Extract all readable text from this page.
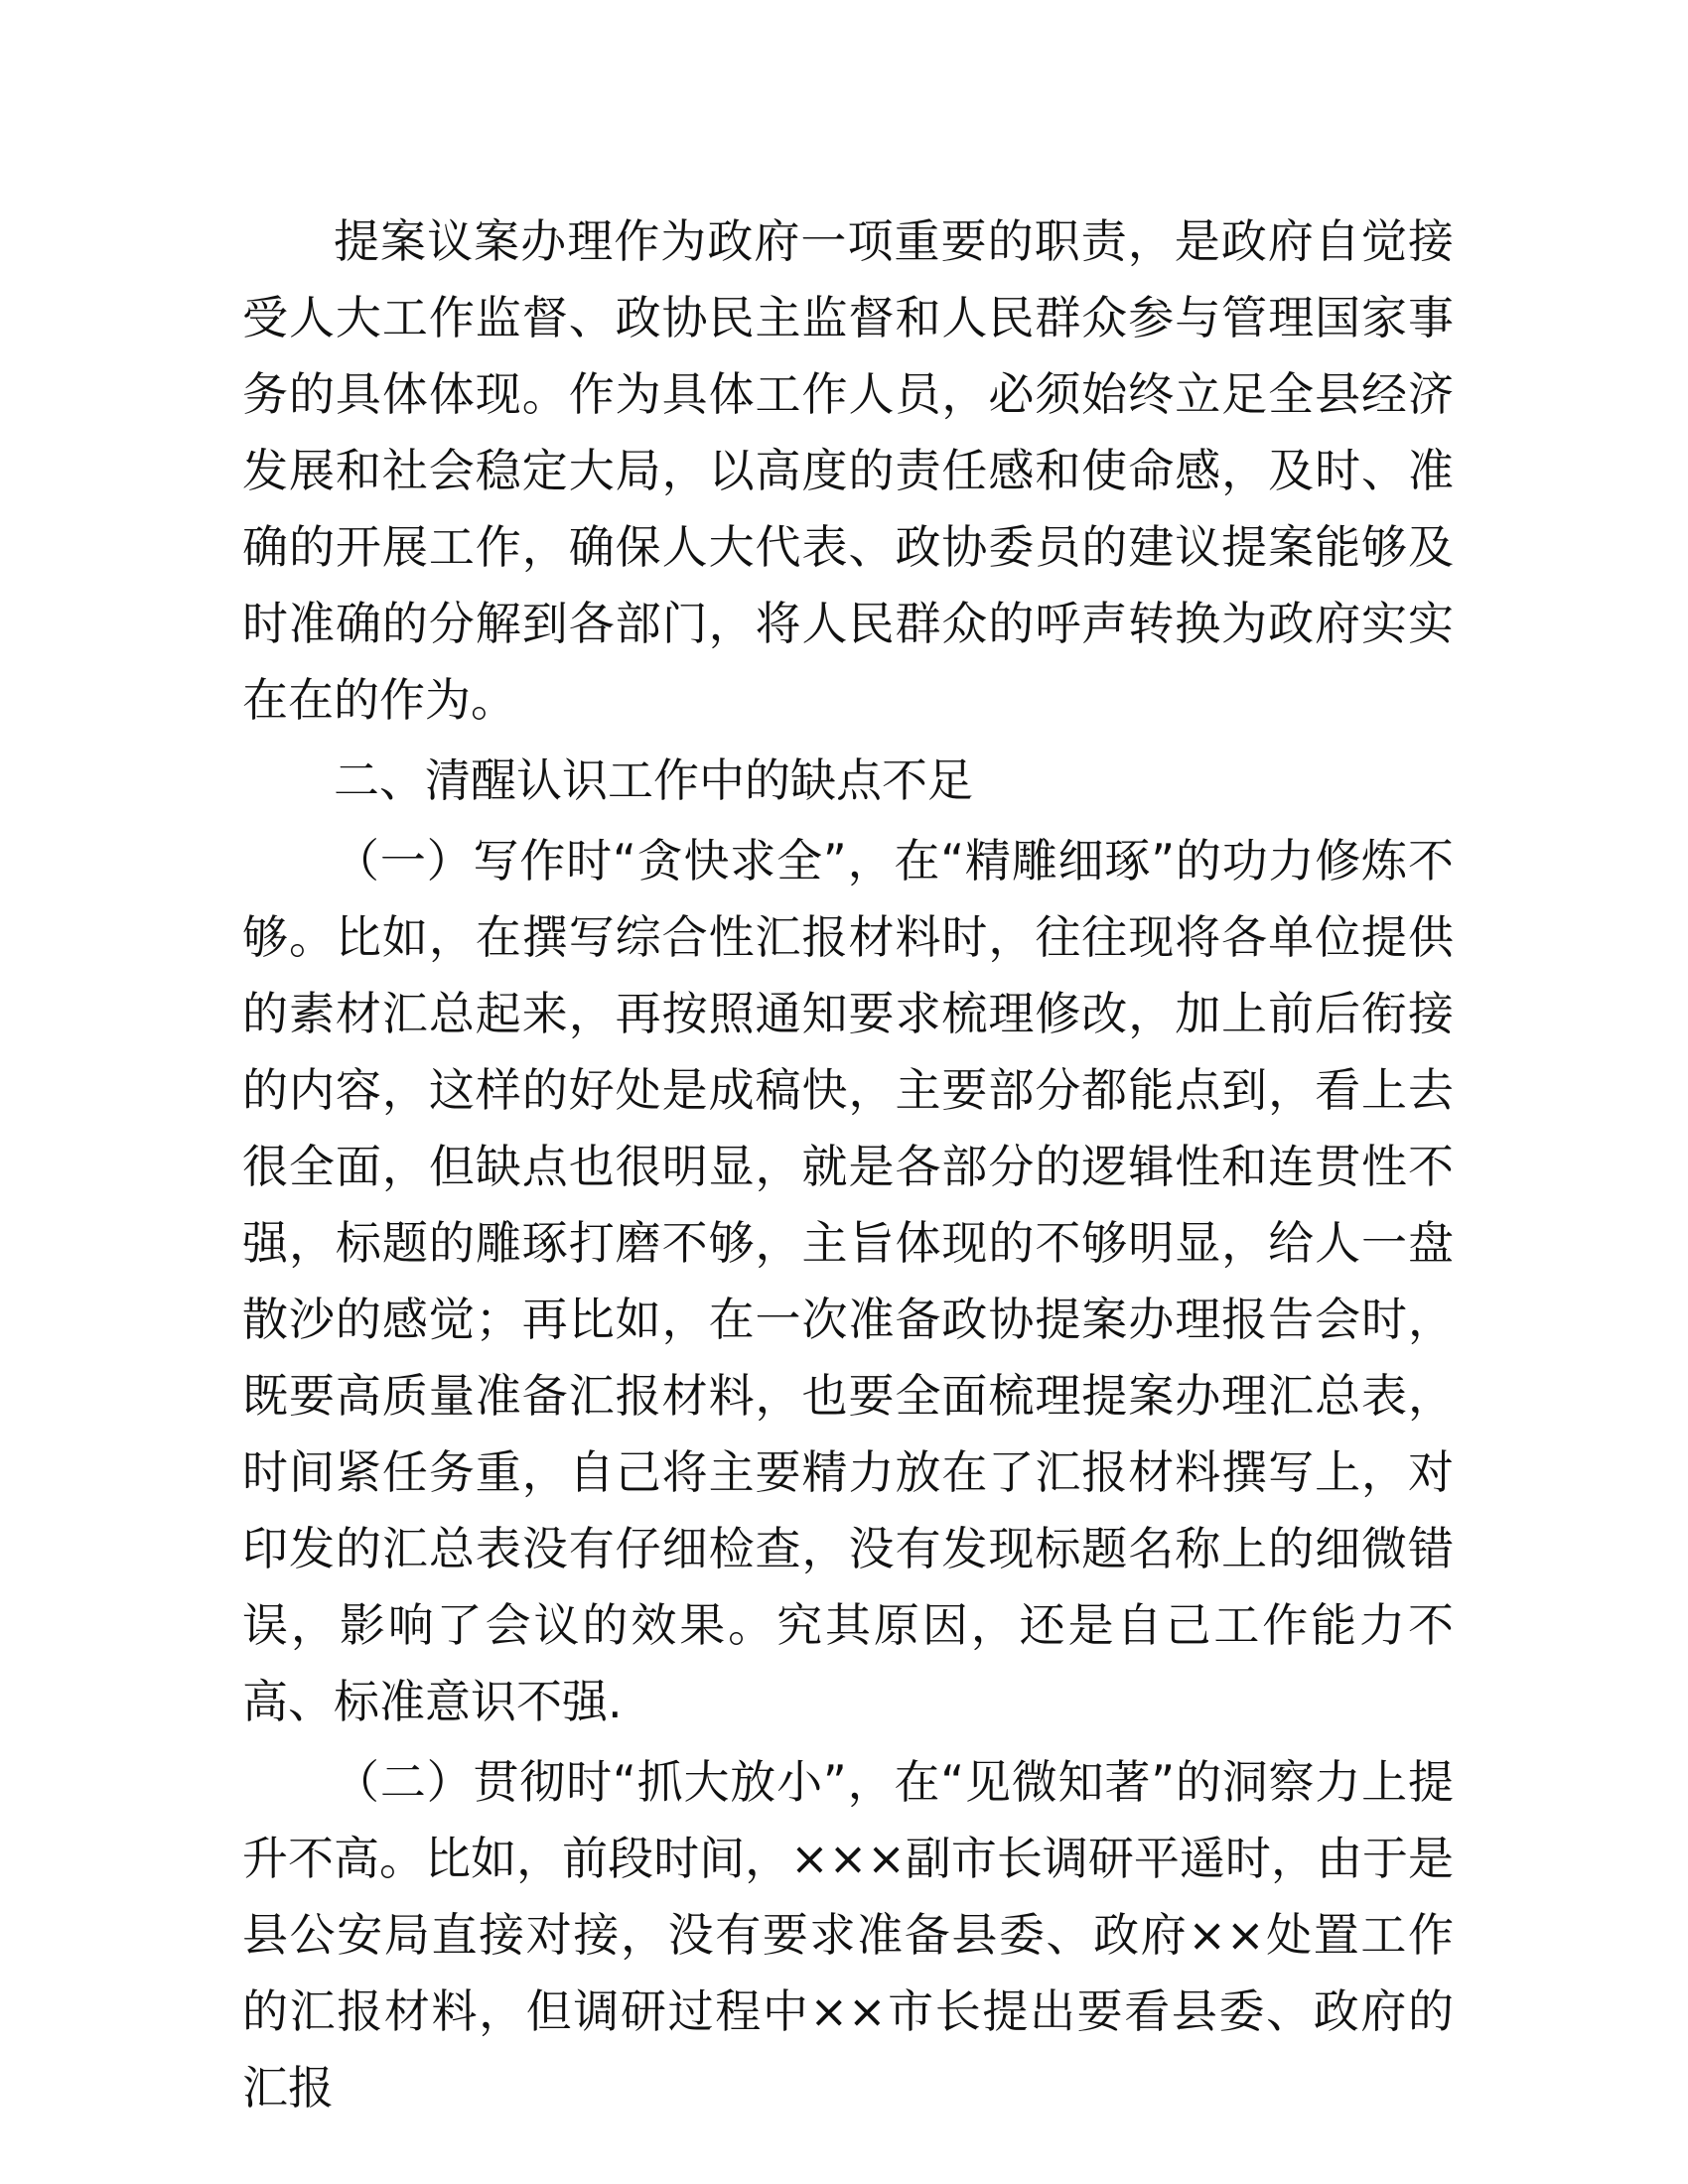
提案议案办理作为政府一项重要的职责，是政府自觉接受人大工作监督、政协民主监督和人民群众参与管理国家事务的具体体现。作为具体工作人员，必须始终立足全县经济发展和社会稳定大局，以高度的责任感和使命感，及时、准确的开展工作，确保人大代表、政协委员的建议提案能够及时准确的分解到各部门，将人民群众的呼声转换为政府实实在在的作为。

二、清醒认识工作中的缺点不足

（一）写作时“贪快求全”，在“精雕细琢”的功力修炼不够。比如，在撰写综合性汇报材料时，往往现将各单位提供的素材汇总起来，再按照通知要求梳理修改，加上前后衔接的内容，这样的好处是成稿快，主要部分都能点到，看上去很全面，但缺点也很明显，就是各部分的逻辑性和连贯性不强，标题的雕琢打磨不够，主旨体现的不够明显，给人一盘散沙的感觉；再比如，在一次准备政协提案办理报告会时，既要高质量准备汇报材料，也要全面梳理提案办理汇总表，时间紧任务重，自己将主要精力放在了汇报材料撰写上，对印发的汇总表没有仔细检查，没有发现标题名称上的细微错误，影响了会议的效果。究其原因，还是自己工作能力不高、标准意识不强.

（二）贯彻时“抓大放小”，在“见微知著”的洞察力上提升不高。比如，前段时间，×××副市长调研平遥时，由于是县公安局直接对接，没有要求准备县委、政府××处置工作的汇报材料，但调研过程中××市长提出要看县委、政府的汇报
